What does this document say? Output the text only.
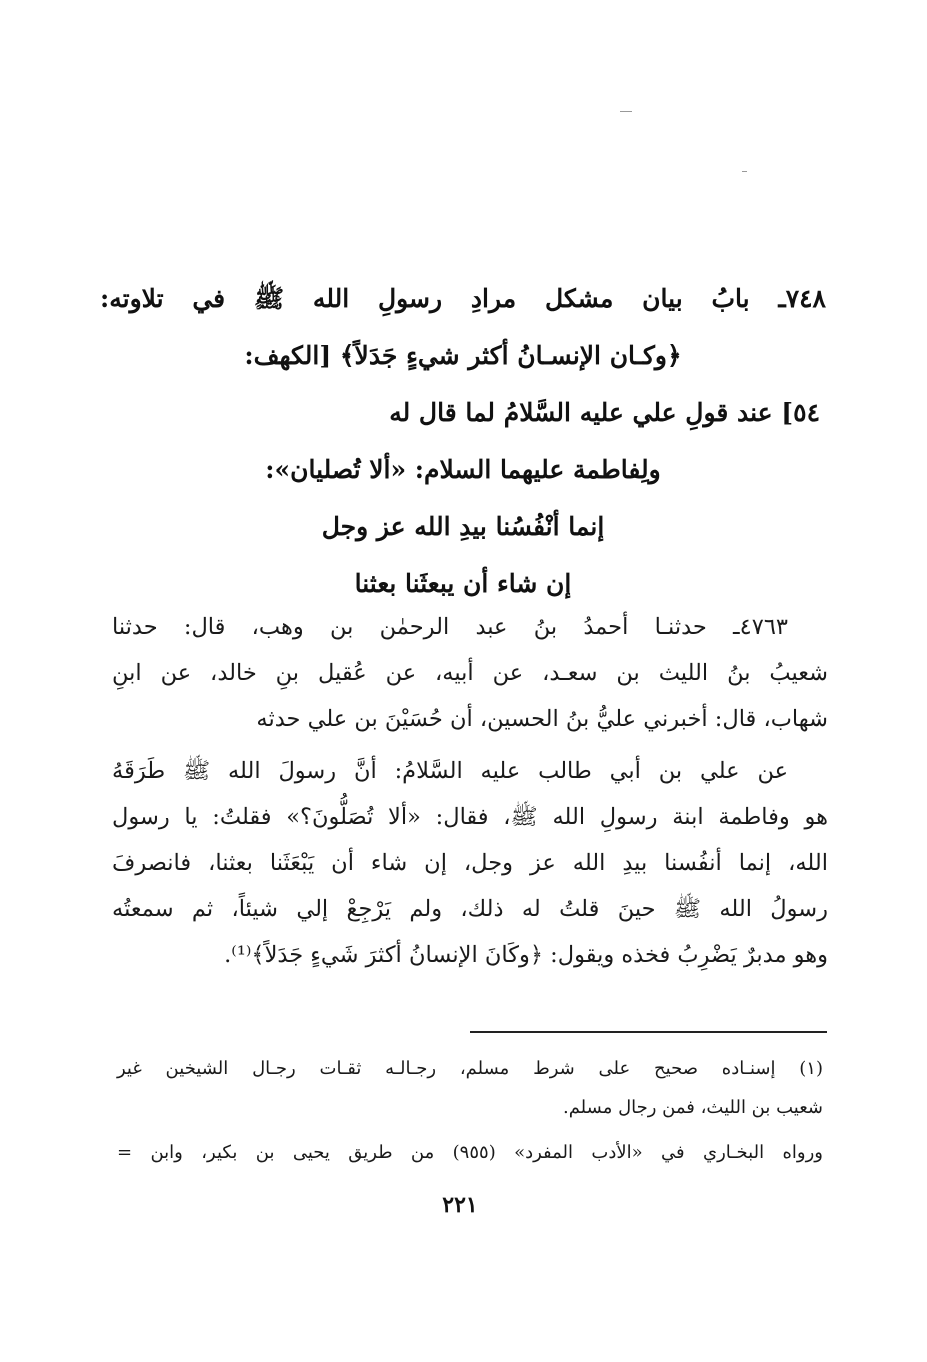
٧٤٨ـ بابُ بيان مشكل مرادِ رسولِ الله ﷺ في تلاوته:
﴿وكـان الإنسـانُ أكثر شيءٍ جَدَلاً﴾ [الكهف:
٥٤] عند قولِ علي عليه السَّلامُ لما قال له
ولِفاطمة عليهما السلام: «ألا تُصليان»:
إنما أنْفُسُنا بيدِ الله عز وجل
إن شاء أن يبعثَنا بعثنا
٤٧٦٣ـ حدثنـا أحمدُ بنُ عبد الرحمٰن بن وهب، قال: حدثنا
شعيبُ بنُ الليث بن سعـد، عن أبيه، عن عُقيل بنِ خالد، عن ابنِ
شهاب، قال: أخبرني عليُّ بنُ الحسين، أن حُسَيْنَ بن علي حدثه
عن علي بن أبي طالب عليه السَّلامُ: أنَّ رسولَ الله ﷺ طَرَقَهُ
هو وفاطمة ابنة رسولِ الله ﷺ، فقال: «ألا تُصَلُّونَ؟» فقلتُ: يا رسول
الله، إنما أنفُسنا بيدِ الله عز وجل، إن شاء أن يَبْعَثَنا بعثنا، فانصرفَ
رسولُ الله ﷺ حينَ قلتُ له ذلك، ولم يَرْجِعْ إلي شيئاً، ثم سمعتُه
وهو مدبرٌ يَضْرِبُ فخذه ويقول: ﴿وكَانَ الإنسانُ أكثرَ شَيءٍ جَدَلاً﴾⁽¹⁾.
(١) إسنـاده صحيح على شرط مسلم، رجـالـه ثقـات رجـال الشيخين غير
شعيب بن الليث، فمن رجال مسلم.
ورواه البخـاري في «الأدب المفرد» (٩٥٥) من طريق يحيى بن بكير، وابن =
٢٢١
